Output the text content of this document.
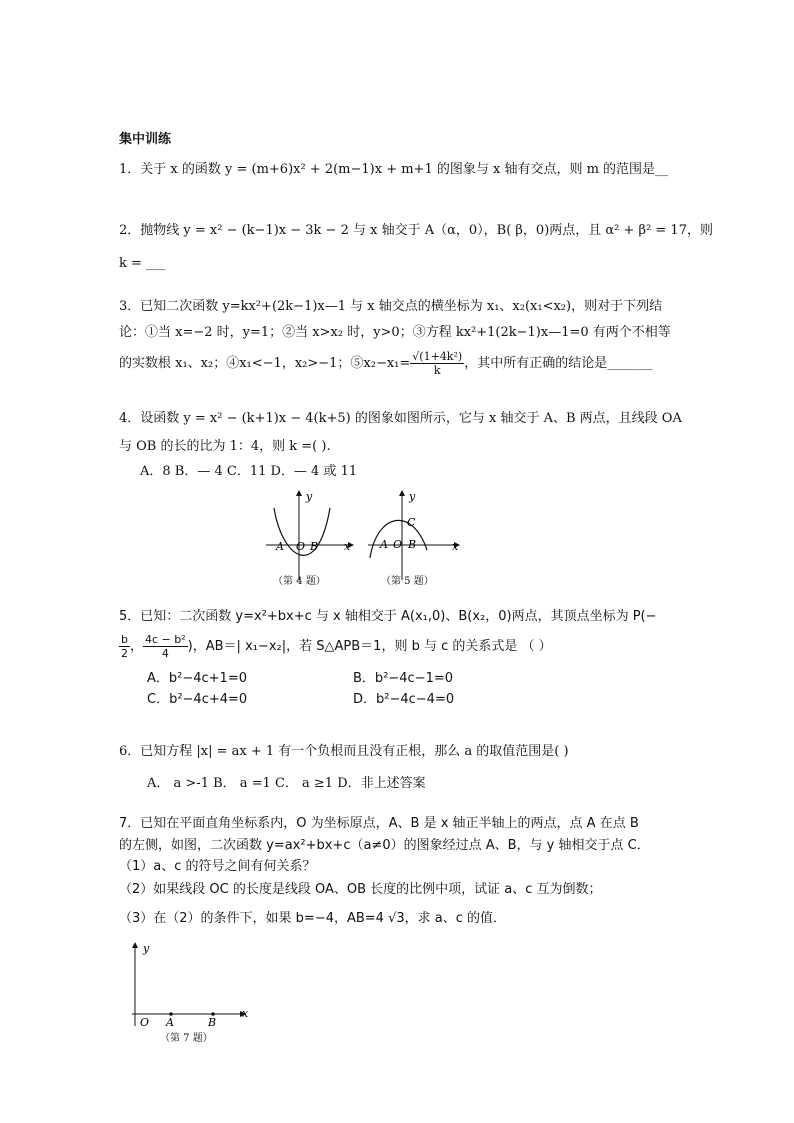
集中训练
1．关于 x 的函数 y = (m+6)x² + 2(m−1)x + m+1 的图象与 x 轴有交点，则 m 的范围是__
2．抛物线 y = x² − (k−1)x − 3k − 2 与 x 轴交于 A（α，0），B( β，0)两点，且 α² + β² = 17，则
k = ___
3．已知二次函数 y=kx²+(2k−1)x—1 与 x 轴交点的横坐标为 x₁、x₂(x₁<x₂)，则对于下列结
论：①当 x=−2 时，y=1；②当 x>x₂ 时，y>0；③方程 kx²+1(2k−1)x—1=0 有两个不相等
的实数根 x₁、x₂；④x₁<−1，x₂>−1；⑤x₂−x₁= $\frac{\text{√(1+4k²)}}{k}$ ，其中所有正确的结论是_______
4．设函数 y = x² − (k+1)x − 4(k+5) 的图象如图所示，它与 x 轴交于 A、B 两点，且线段 OA
与 OB 的长的比为 1：4，则 k =( ).
A．8 B．— 4 C．11 D．— 4 或 11
y
x
A O B
y
x
C
A O B
（第 4 题）	（第 5 题）
5．已知：二次函数 y=x²+bx+c 与 x 轴相交于 A(x₁,0)、B(x₂，0)两点，其顶点坐标为 P(−
$\frac{b}{2}$ ， $\frac{\text{4c − b²}}{4}$ )，AB＝| x₁−x₂|，若 S△APB＝1，则 b 与 c 的关系式是 （ ）
A．b²−4c+1=0	B．b²−4c−1=0
C．b²−4c+4=0	D．b²−4c−4=0
6．已知方程 |x| = ax + 1 有一个负根而且没有正根，那么 a 的取值范围是( )
A． a >-1 B． a =1 C． a ≥1 D．非上述答案
7．已知在平面直角坐标系内，O 为坐标原点，A、B 是 x 轴正半轴上的两点，点 A 在点 B
的左侧，如图，二次函数 y=ax²+bx+c（a≠0）的图象经过点 A、B，与 y 轴相交于点 C．
（1）a、c 的符号之间有何关系？
（2）如果线段 OC 的长度是线段 OA、OB 长度的比例中项，试证 a、c 互为倒数；
（3）在（2）的条件下，如果 b=−4，AB=4 √3，求 a、c 的值．
y
x
O A	B
（第 7 题）
